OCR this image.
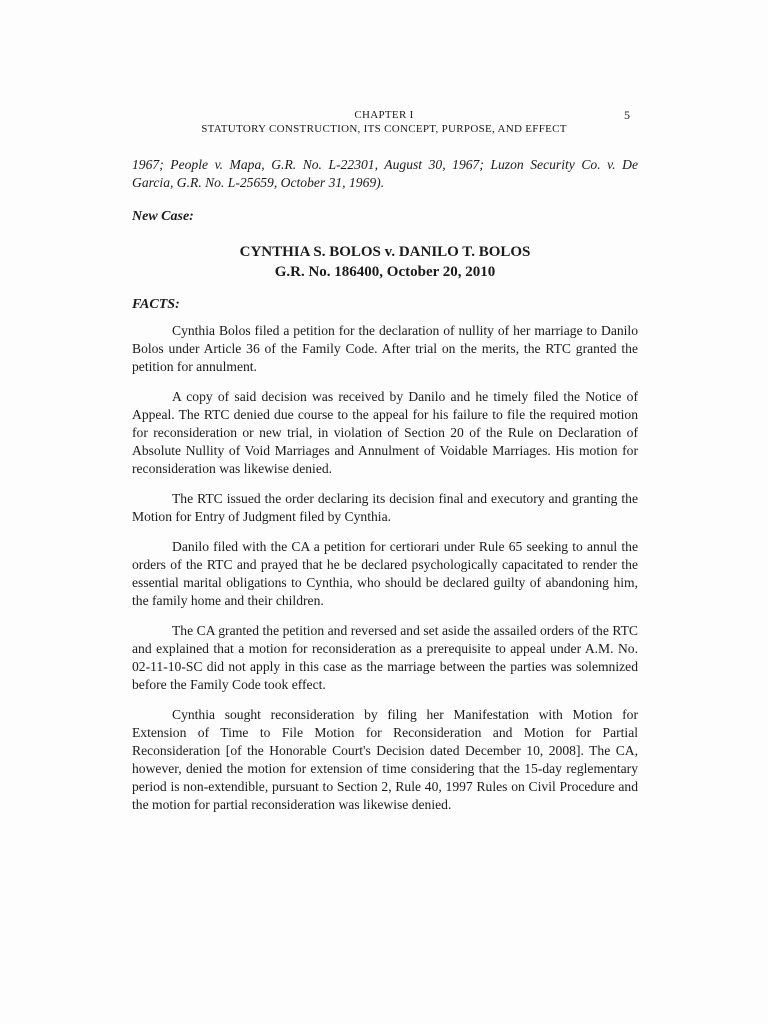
CHAPTER I
STATUTORY CONSTRUCTION, ITS CONCEPT, PURPOSE, AND EFFECT
5

1967; People v. Mapa, G.R. No. L-22301, August 30, 1967; Luzon Security Co. v. De Garcia, G.R. No. L-25659, October 31, 1969).

New Case:

CYNTHIA S. BOLOS v. DANILO T. BOLOS
G.R. No. 186400, October 20, 2010

FACTS:

Cynthia Bolos filed a petition for the declaration of nullity of her marriage to Danilo Bolos under Article 36 of the Family Code. After trial on the merits, the RTC granted the petition for annulment.

A copy of said decision was received by Danilo and he timely filed the Notice of Appeal. The RTC denied due course to the appeal for his failure to file the required motion for reconsideration or new trial, in violation of Section 20 of the Rule on Declaration of Absolute Nullity of Void Marriages and Annulment of Voidable Marriages. His motion for reconsideration was likewise denied.

The RTC issued the order declaring its decision final and executory and granting the Motion for Entry of Judgment filed by Cynthia.

Danilo filed with the CA a petition for certiorari under Rule 65 seeking to annul the orders of the RTC and prayed that he be declared psychologically capacitated to render the essential marital obligations to Cynthia, who should be declared guilty of abandoning him, the family home and their children.

The CA granted the petition and reversed and set aside the assailed orders of the RTC and explained that a motion for reconsideration as a prerequisite to appeal under A.M. No. 02-11-10-SC did not apply in this case as the marriage between the parties was solemnized before the Family Code took effect.

Cynthia sought reconsideration by filing her Manifestation with Motion for Extension of Time to File Motion for Reconsideration and Motion for Partial Reconsideration [of the Honorable Court's Decision dated December 10, 2008]. The CA, however, denied the motion for extension of time considering that the 15-day reglementary period is non-extendible, pursuant to Section 2, Rule 40, 1997 Rules on Civil Procedure and the motion for partial reconsideration was likewise denied.
